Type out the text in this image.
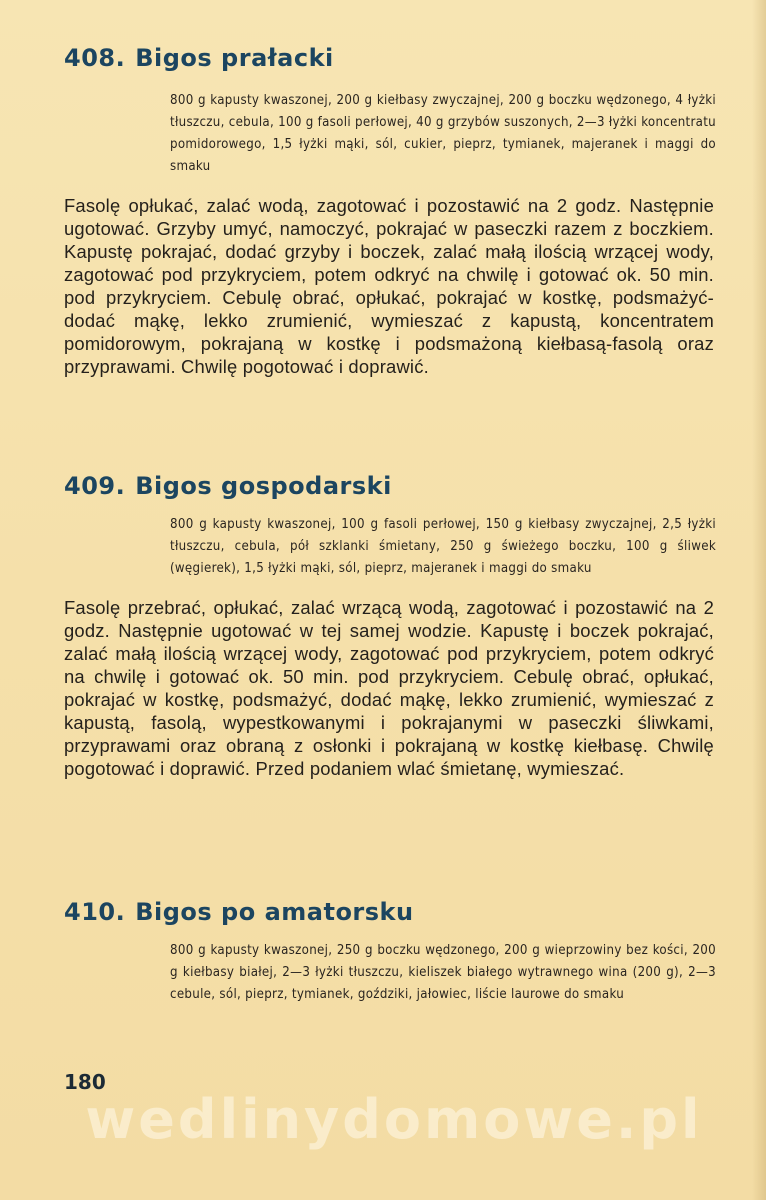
408. Bigos prałacki

800 g kapusty kwaszonej, 200 g kiełbasy zwyczajnej, 200 g boczku wędzonego, 4 łyżki tłuszczu, cebula, 100 g fasoli perłowej, 40 g grzybów suszonych, 2—3 łyżki koncentratu pomidorowego, 1,5 łyżki mąki, sól, cukier, pieprz, tymianek, majeranek i maggi do smaku

Fasolę opłukać, zalać wodą, zagotować i pozostawić na 2 godz. Następnie ugotować. Grzyby umyć, namoczyć, pokrajać w paseczki razem z boczkiem. Kapustę pokrajać, dodać grzyby i boczek, zalać małą ilością wrzącej wody, zagotować pod przykryciem, potem odkryć na chwilę i gotować ok. 50 min. pod przykryciem. Cebulę obrać, opłukać, pokrajać w kostkę, podsmażyć-dodać mąkę, lekko zrumienić, wymieszać z kapustą, koncentratem pomidorowym, pokrajaną w kostkę i podsmażoną kiełbasą-fasolą oraz przyprawami. Chwilę pogotować i doprawić.

409. Bigos gospodarski

800 g kapusty kwaszonej, 100 g fasoli perłowej, 150 g kiełbasy zwyczajnej, 2,5 łyżki tłuszczu, cebula, pół szklanki śmietany, 250 g świeżego boczku, 100 g śliwek (węgierek), 1,5 łyżki mąki, sól, pieprz, majeranek i maggi do smaku

Fasolę przebrać, opłukać, zalać wrzącą wodą, zagotować i pozostawić na 2 godz. Następnie ugotować w tej samej wodzie. Kapustę i boczek pokrajać, zalać małą ilością wrzącej wody, zagotować pod przykryciem, potem odkryć na chwilę i gotować ok. 50 min. pod przykryciem. Cebulę obrać, opłukać, pokrajać w kostkę, podsmażyć, dodać mąkę, lekko zrumienić, wymieszać z kapustą, fasolą, wypestkowanymi i pokrajanymi w paseczki śliwkami, przyprawami oraz obraną z osłonki i pokrajaną w kostkę kiełbasę. Chwilę pogotować i doprawić. Przed podaniem wlać śmietanę, wymieszać.

410. Bigos po amatorsku

800 g kapusty kwaszonej, 250 g boczku wędzonego, 200 g wieprzowiny bez kości, 200 g kiełbasy białej, 2—3 łyżki tłuszczu, kieliszek białego wytrawnego wina (200 g), 2—3 cebule, sól, pieprz, tymianek, goździki, jałowiec, liście laurowe do smaku

180
wedlinydomowe.pl
